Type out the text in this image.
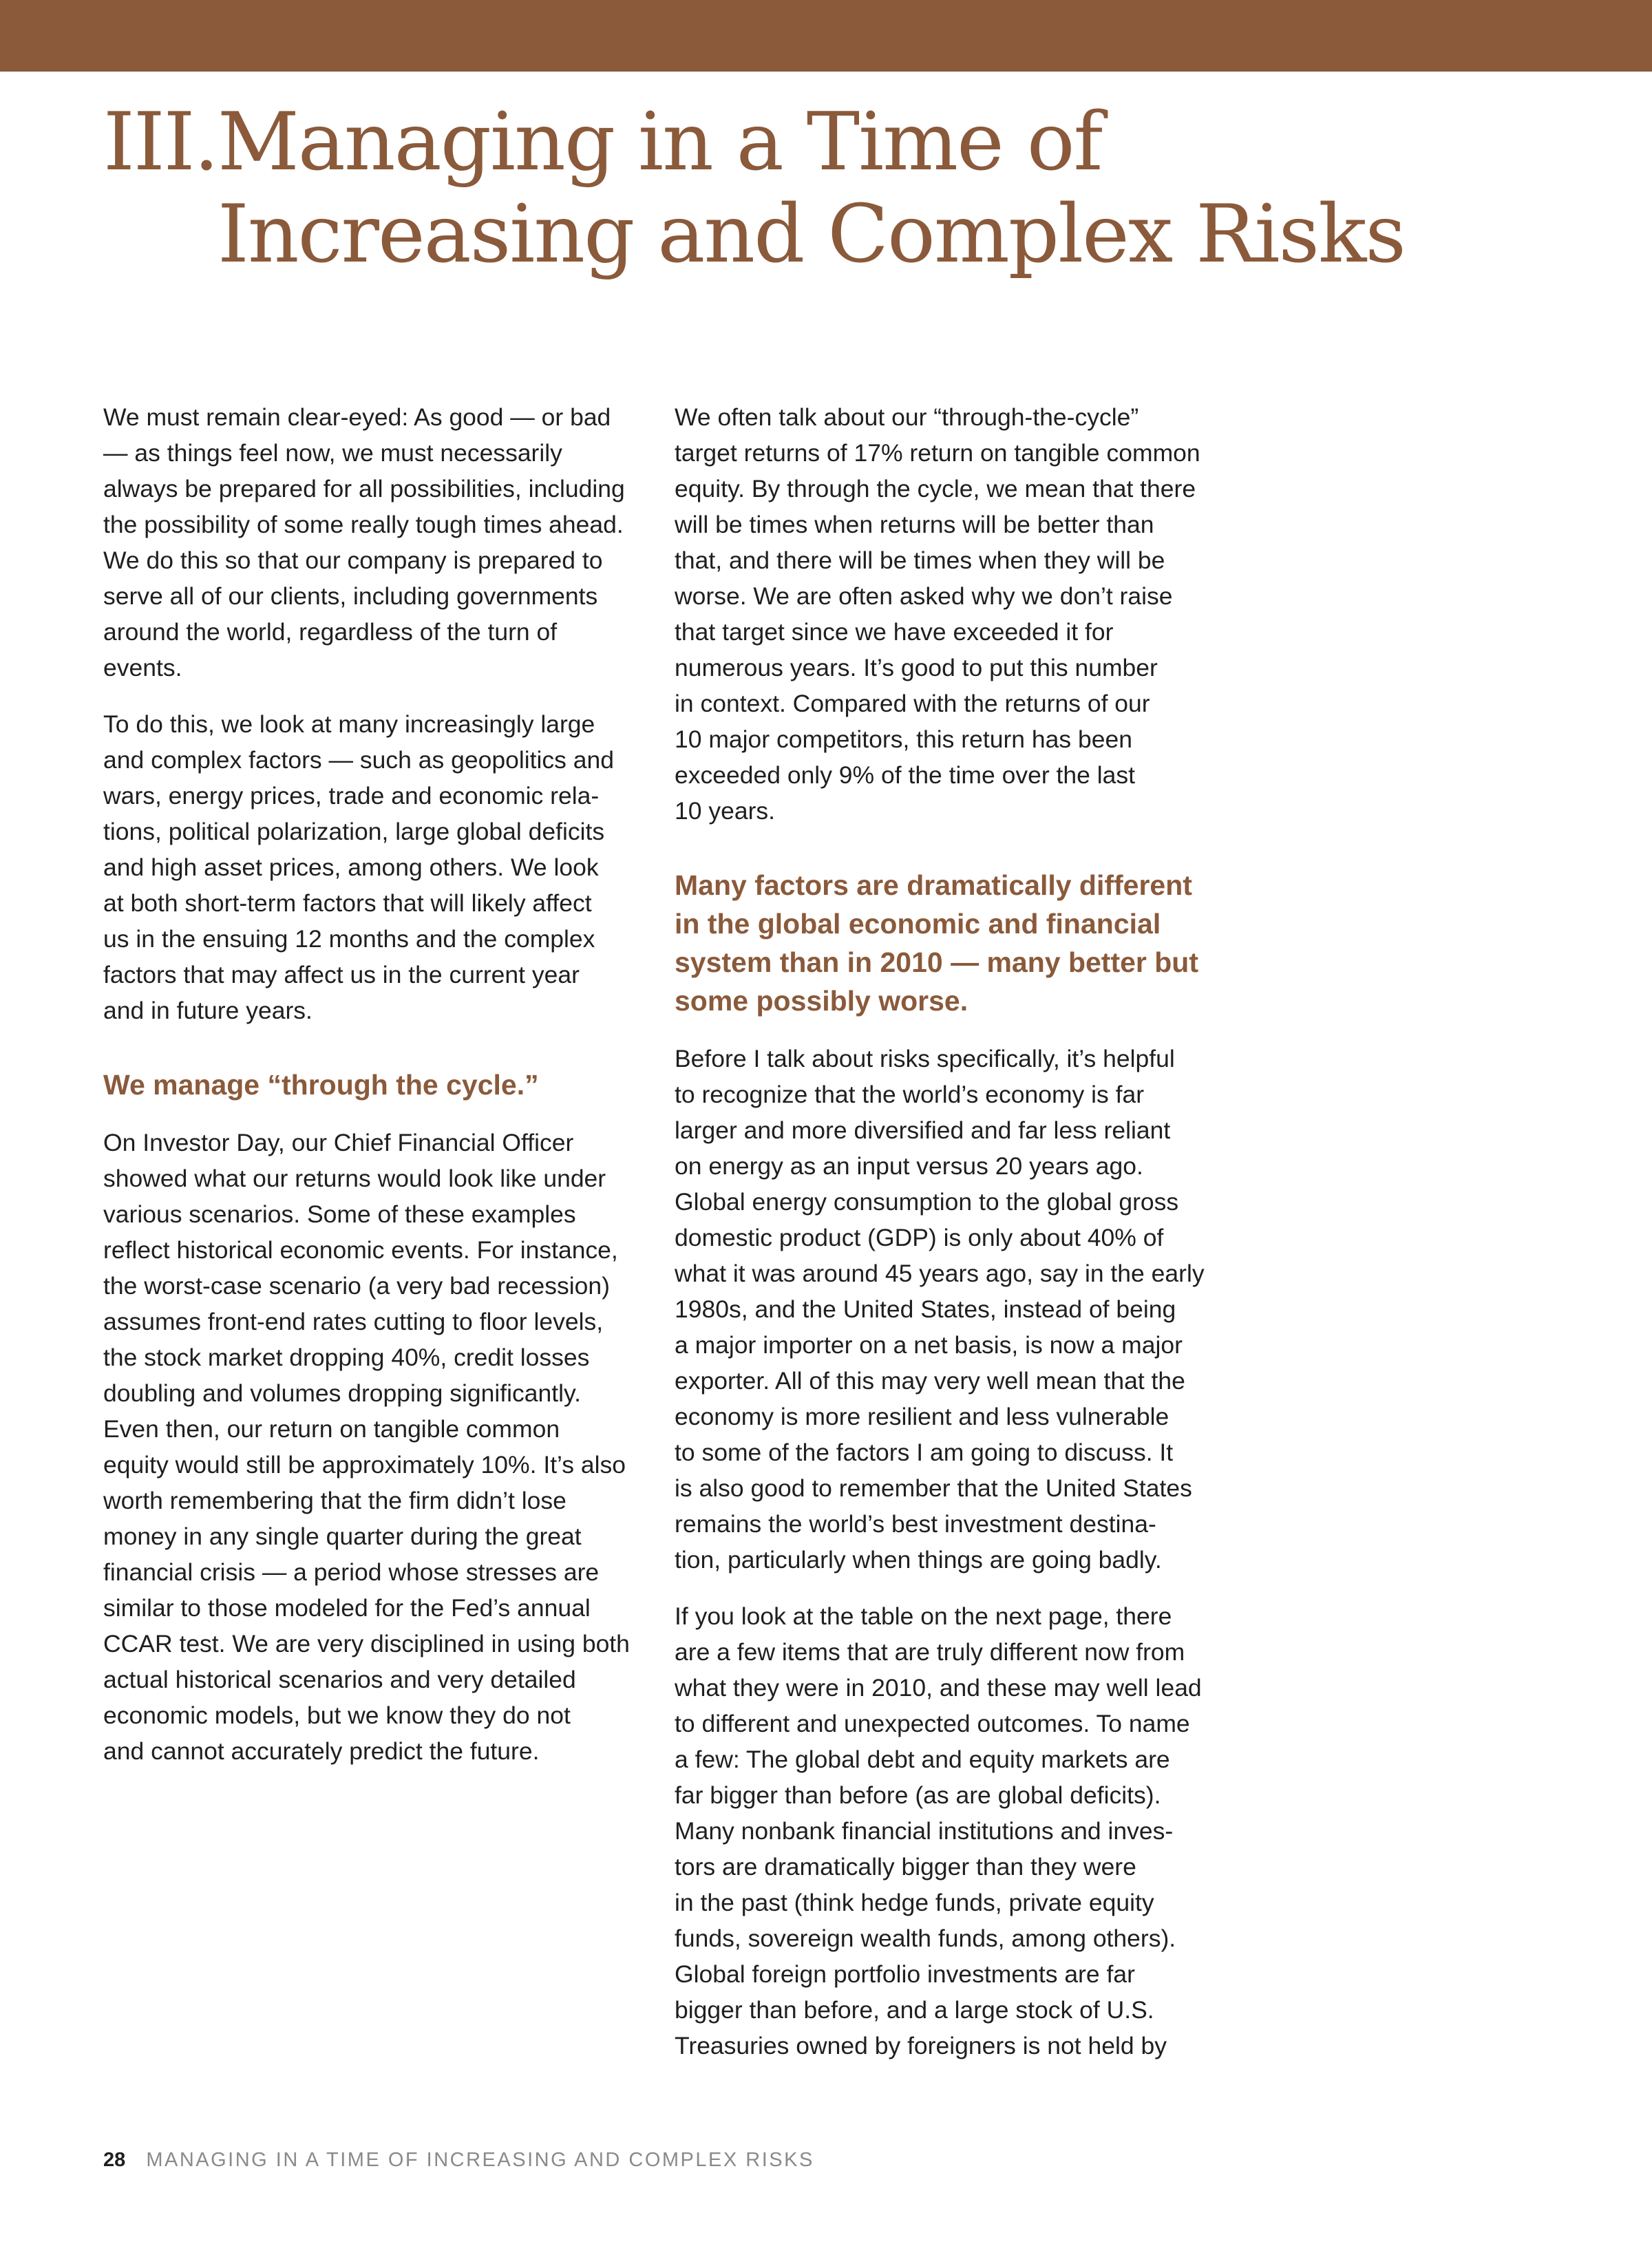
III. Managing in a Time of
Increasing and Complex Risks

We must remain clear-eyed: As good — or bad
— as things feel now, we must necessarily
always be prepared for all possibilities, including
the possibility of some really tough times ahead.
We do this so that our company is prepared to
serve all of our clients, including governments
around the world, regardless of the turn of
events.

To do this, we look at many increasingly large
and complex factors — such as geopolitics and
wars, energy prices, trade and economic rela-
tions, political polarization, large global deficits
and high asset prices, among others. We look
at both short-term factors that will likely affect
us in the ensuing 12 months and the complex
factors that may affect us in the current year
and in future years.

We manage “through the cycle.”

On Investor Day, our Chief Financial Officer
showed what our returns would look like under
various scenarios. Some of these examples
reflect historical economic events. For instance,
the worst-case scenario (a very bad recession)
assumes front-end rates cutting to floor levels,
the stock market dropping 40%, credit losses
doubling and volumes dropping significantly.
Even then, our return on tangible common
equity would still be approximately 10%. It’s also
worth remembering that the firm didn’t lose
money in any single quarter during the great
financial crisis — a period whose stresses are
similar to those modeled for the Fed’s annual
CCAR test. We are very disciplined in using both
actual historical scenarios and very detailed
economic models, but we know they do not
and cannot accurately predict the future.

We often talk about our “through-the-cycle”
target returns of 17% return on tangible common
equity. By through the cycle, we mean that there
will be times when returns will be better than
that, and there will be times when they will be
worse. We are often asked why we don’t raise
that target since we have exceeded it for
numerous years. It’s good to put this number
in context. Compared with the returns of our
10 major competitors, this return has been
exceeded only 9% of the time over the last
10 years.

Many factors are dramatically different
in the global economic and financial
system than in 2010 — many better but
some possibly worse.

Before I talk about risks specifically, it’s helpful
to recognize that the world’s economy is far
larger and more diversified and far less reliant
on energy as an input versus 20 years ago.
Global energy consumption to the global gross
domestic product (GDP) is only about 40% of
what it was around 45 years ago, say in the early
1980s, and the United States, instead of being
a major importer on a net basis, is now a major
exporter. All of this may very well mean that the
economy is more resilient and less vulnerable
to some of the factors I am going to discuss. It
is also good to remember that the United States
remains the world’s best investment destina-
tion, particularly when things are going badly.

If you look at the table on the next page, there
are a few items that are truly different now from
what they were in 2010, and these may well lead
to different and unexpected outcomes. To name
a few: The global debt and equity markets are
far bigger than before (as are global deficits).
Many nonbank financial institutions and inves-
tors are dramatically bigger than they were
in the past (think hedge funds, private equity
funds, sovereign wealth funds, among others).
Global foreign portfolio investments are far
bigger than before, and a large stock of U.S.
Treasuries owned by foreigners is not held by

28 MANAGING IN A TIME OF INCREASING AND COMPLEX RISKS
